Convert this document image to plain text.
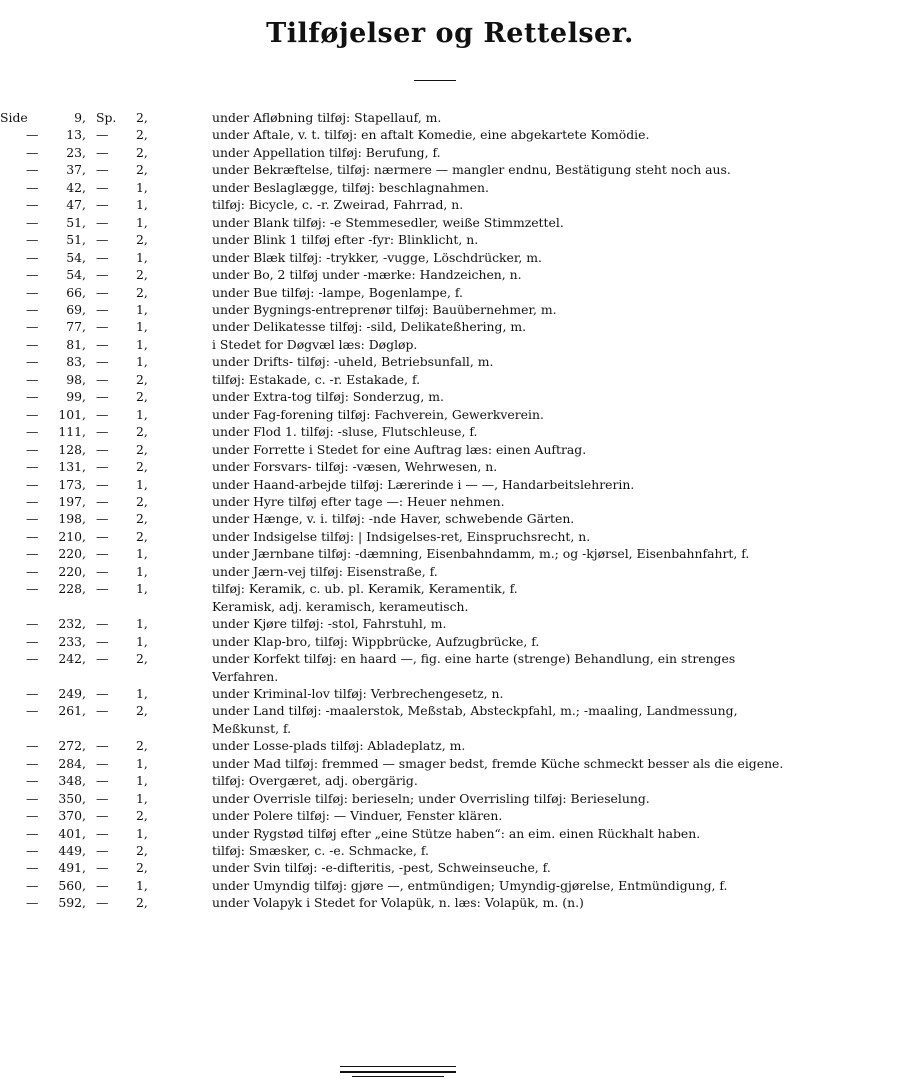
Tilføjelser og Rettelser.
Side	9, Sp. 2,	under Afløbning tilføj: Stapellauf, m.
—	13, — 2,	under Aftale, v. t. tilføj: en aftalt Komedie, eine abgekartete Komödie.
—	23, — 2,	under Appellation tilføj: Berufung, f.
—	37, — 2,	under Bekræftelse, tilføj: nærmere — mangler endnu, Bestätigung steht noch aus.
—	42, — 1,	under Beslaglægge, tilføj: beschlagnahmen.
—	47, — 1,	tilføj: Bicycle, c. -r. Zweirad, Fahrrad, n.
—	51, — 1,	under Blank tilføj: -e Stemmesedler, weiße Stimmzettel.
—	51, — 2,	under Blink 1 tilføj efter -fyr: Blinklicht, n.
—	54, — 1,	under Blæk tilføj: -trykker, -vugge, Löschdrücker, m.
—	54, — 2,	under Bo, 2 tilføj under -mærke: Handzeichen, n.
—	66, — 2,	under Bue tilføj: -lampe, Bogenlampe, f.
—	69, — 1,	under Bygnings-entreprenør tilføj: Bauübernehmer, m.
—	77, — 1,	under Delikatesse tilføj: -sild, Delikateßhering, m.
—	81, — 1,	i Stedet for Døgvæl læs: Døgløp.
—	83, — 1,	under Drifts- tilføj: -uheld, Betriebsunfall, m.
—	98, — 2,	tilføj: Estakade, c. -r. Estakade, f.
—	99, — 2,	under Extra-tog tilføj: Sonderzug, m.
—	101, — 1,	under Fag-forening tilføj: Fachverein, Gewerkverein.
—	111, — 2,	under Flod 1. tilføj: -sluse, Flutschleuse, f.
—	128, — 2,	under Forrette i Stedet for eine Auftrag læs: einen Auftrag.
—	131, — 2,	under Forsvars- tilføj: -væsen, Wehrwesen, n.
—	173, — 1,	under Haand-arbejde tilføj: Lærerinde i — —, Handarbeitslehrerin.
—	197, — 2,	under Hyre tilføj efter tage —: Heuer nehmen.
—	198, — 2,	under Hænge, v. i. tilføj: -nde Haver, schwebende Gärten.
—	210, — 2,	under Indsigelse tilføj: | Indsigelses-ret, Einspruchsrecht, n.
—	220, — 1,	under Jærnbane tilføj: -dæmning, Eisenbahndamm, m.; og -kjørsel, Eisenbahnfahrt, f.
—	220, — 1,	under Jærn-vej tilføj: Eisenstraße, f.
—	228, — 1,	tilføj: Keramik, c. ub. pl. Keramik, Keramentik, f.
Keramisk, adj. keramisch, kerameutisch.
—	232, — 1,	under Kjøre tilføj: -stol, Fahrstuhl, m.
—	233, — 1,	under Klap-bro, tilføj: Wippbrücke, Aufzugbrücke, f.
—	242, — 2,	under Korfekt tilføj: en haard —, fig. eine harte (strenge) Behandlung, ein strenges
Verfahren.
—	249, — 1,	under Kriminal-lov tilføj: Verbrechengesetz, n.
—	261, — 2,	under Land tilføj: -maalerstok, Meßstab, Absteckpfahl, m.; -maaling, Landmessung,
Meßkunst, f.
—	272, — 2,	under Losse-plads tilføj: Abladeplatz, m.
—	284, — 1,	under Mad tilføj: fremmed — smager bedst, fremde Küche schmeckt besser als die eigene.
—	348, — 1,	tilføj: Overgæret, adj. obergärig.
—	350, — 1,	under Overrisle tilføj: berieseln; under Overrisling tilføj: Berieselung.
—	370, — 2,	under Polere tilføj: — Vinduer, Fenster klären.
—	401, — 1,	under Rygstød tilføj efter „eine Stütze haben“: an eim. einen Rückhalt haben.
—	449, — 2,	tilføj: Smæsker, c. -e. Schmacke, f.
—	491, — 2,	under Svin tilføj: -e-difteritis, -pest, Schweinseuche, f.
—	560, — 1,	under Umyndig tilføj: gjøre —, entmündigen; Umyndig-gjørelse, Entmündigung, f.
—	592, — 2,	under Volapyk i Stedet for Volapük, n. læs: Volapük, m. (n.)
